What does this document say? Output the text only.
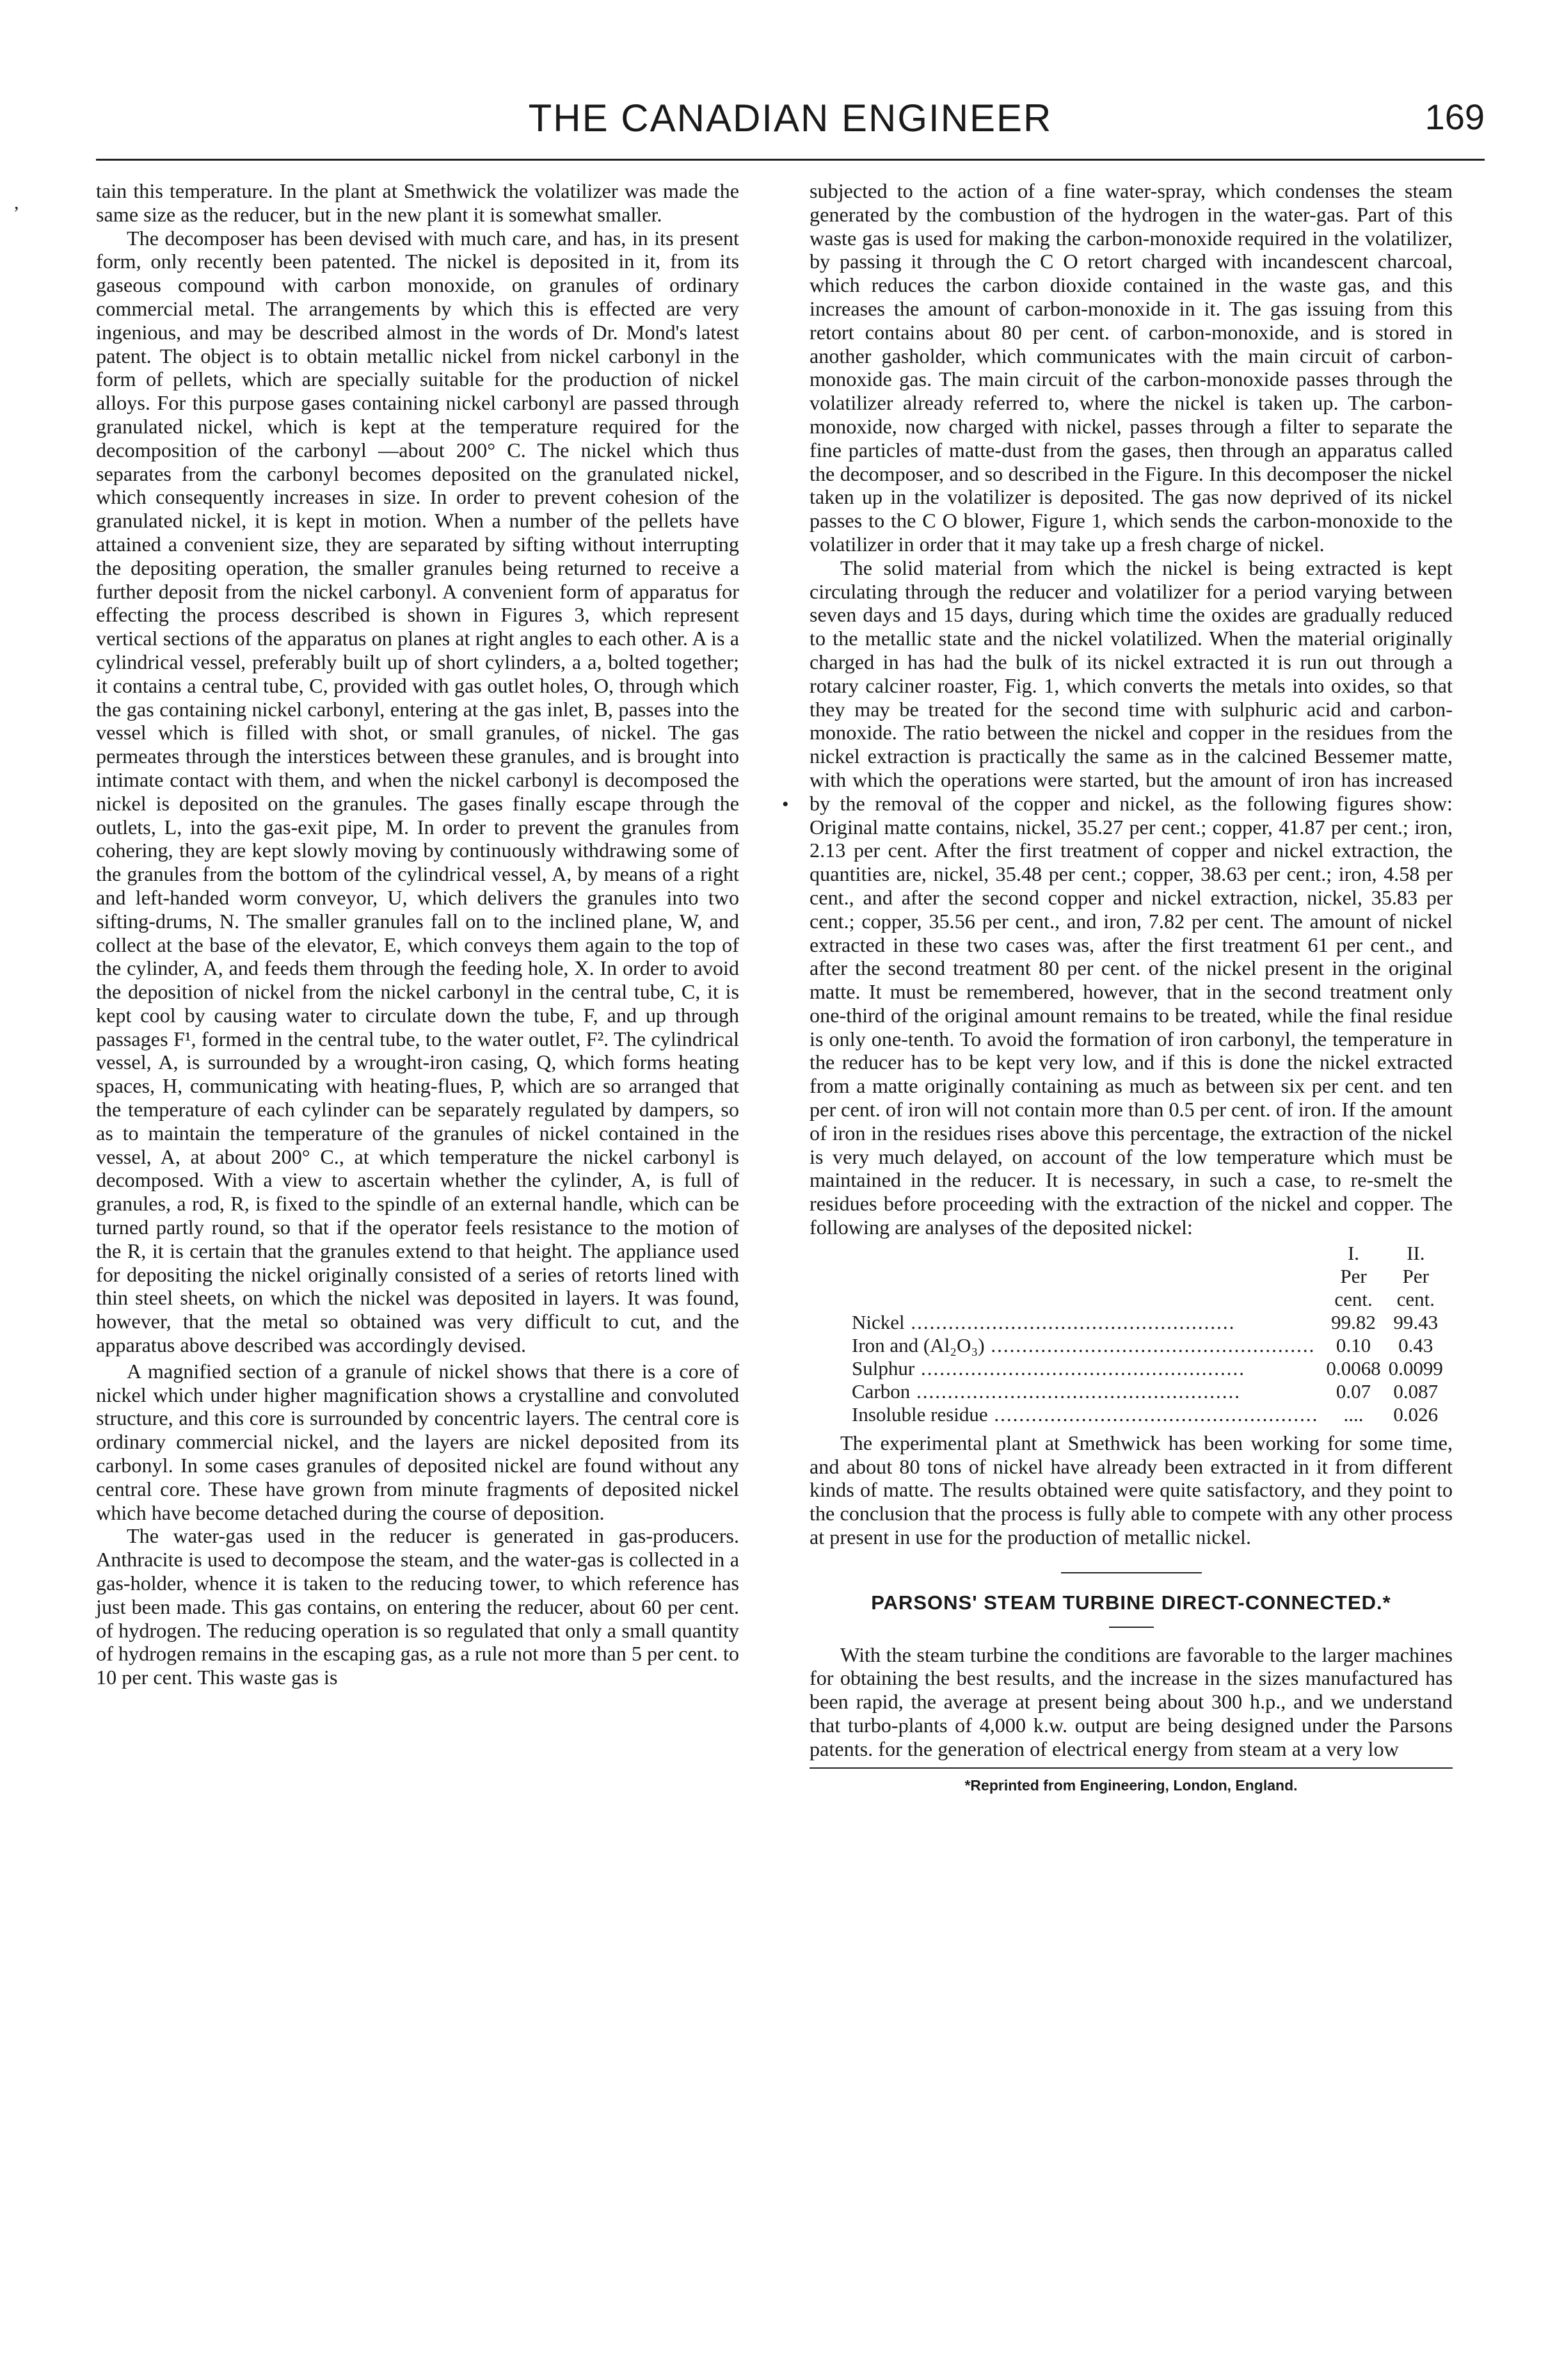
THE CANADIAN ENGINEER	169
,
•

tain this temperature. In the plant at Smethwick the volatilizer was made the same size as the reducer, but in the new plant it is somewhat smaller.

The decomposer has been devised with much care, and has, in its present form, only recently been patented. The nickel is deposited in it, from its gaseous compound with carbon monoxide, on granules of ordinary commercial metal. The arrangements by which this is effected are very ingenious, and may be described almost in the words of Dr. Mond's latest patent. The object is to obtain metallic nickel from nickel carbonyl in the form of pellets, which are specially suitable for the production of nickel alloys. For this purpose gases containing nickel carbonyl are passed through granulated nickel, which is kept at the temperature required for the decomposition of the carbonyl —about 200° C. The nickel which thus separates from the carbonyl becomes deposited on the granulated nickel, which consequently increases in size. In order to prevent cohesion of the granulated nickel, it is kept in motion. When a number of the pellets have attained a convenient size, they are separated by sifting without interrupting the depositing operation, the smaller granules being returned to receive a further deposit from the nickel carbonyl. A convenient form of apparatus for effecting the process described is shown in Figures 3, which represent vertical sections of the apparatus on planes at right angles to each other. A is a cylindrical vessel, preferably built up of short cylinders, a a, bolted together; it contains a central tube, C, provided with gas outlet holes, O, through which the gas containing nickel carbonyl, entering at the gas inlet, B, passes into the vessel which is filled with shot, or small granules, of nickel. The gas permeates through the interstices between these granules, and is brought into intimate contact with them, and when the nickel carbonyl is decomposed the nickel is deposited on the granules. The gases finally escape through the outlets, L, into the gas-exit pipe, M. In order to prevent the granules from cohering, they are kept slowly moving by continuously withdrawing some of the granules from the bottom of the cylindrical vessel, A, by means of a right and left-handed worm conveyor, U, which delivers the granules into two sifting-drums, N. The smaller granules fall on to the inclined plane, W, and collect at the base of the elevator, E, which conveys them again to the top of the cylinder, A, and feeds them through the feeding hole, X. In order to avoid the deposition of nickel from the nickel carbonyl in the central tube, C, it is kept cool by causing water to circulate down the tube, F, and up through passages F¹, formed in the central tube, to the water outlet, F². The cylindrical vessel, A, is surrounded by a wrought-iron casing, Q, which forms heating spaces, H, communicating with heating-flues, P, which are so arranged that the temperature of each cylinder can be separately regulated by dampers, so as to maintain the temperature of the granules of nickel contained in the vessel, A, at about 200° C., at which temperature the nickel carbonyl is decomposed. With a view to ascertain whether the cylinder, A, is full of granules, a rod, R, is fixed to the spindle of an external handle, which can be turned partly round, so that if the operator feels resistance to the motion of the R, it is certain that the granules extend to that height. The appliance used for depositing the nickel originally consisted of a series of retorts lined with thin steel sheets, on which the nickel was deposited in layers. It was found, however, that the metal so obtained was very difficult to cut, and the apparatus above described was accordingly devised.

A magnified section of a granule of nickel shows that there is a core of nickel which under higher magnification shows a crystalline and convoluted structure, and this core is surrounded by concentric layers. The central core is ordinary commercial nickel, and the layers are nickel deposited from its carbonyl. In some cases granules of deposited nickel are found without any central core. These have grown from minute fragments of deposited nickel which have become detached during the course of deposition.

The water-gas used in the reducer is generated in gas-producers. Anthracite is used to decompose the steam, and the water-gas is collected in a gas-holder, whence it is taken to the reducing tower, to which reference has just been made. This gas contains, on entering the reducer, about 60 per cent. of hydrogen. The reducing operation is so regulated that only a small quantity of hydrogen remains in the escaping gas, as a rule not more than 5 per cent. to 10 per cent. This waste gas is

subjected to the action of a fine water-spray, which condenses the steam generated by the combustion of the hydrogen in the water-gas. Part of this waste gas is used for making the carbon-monoxide required in the volatilizer, by passing it through the C O retort charged with incandescent charcoal, which reduces the carbon dioxide contained in the waste gas, and this increases the amount of carbon-monoxide in it. The gas issuing from this retort contains about 80 per cent. of carbon-monoxide, and is stored in another gasholder, which communicates with the main circuit of carbon-monoxide gas. The main circuit of the carbon-monoxide passes through the volatilizer already referred to, where the nickel is taken up. The carbon-monoxide, now charged with nickel, passes through a filter to separate the fine particles of matte-dust from the gases, then through an apparatus called the decomposer, and so described in the Figure. In this decomposer the nickel taken up in the volatilizer is deposited. The gas now deprived of its nickel passes to the C O blower, Figure 1, which sends the carbon-monoxide to the volatilizer in order that it may take up a fresh charge of nickel.

The solid material from which the nickel is being extracted is kept circulating through the reducer and volatilizer for a period varying between seven days and 15 days, during which time the oxides are gradually reduced to the metallic state and the nickel volatilized. When the material originally charged in has had the bulk of its nickel extracted it is run out through a rotary calciner roaster, Fig. 1, which converts the metals into oxides, so that they may be treated for the second time with sulphuric acid and carbon-monoxide. The ratio between the nickel and copper in the residues from the nickel extraction is practically the same as in the calcined Bessemer matte, with which the operations were started, but the amount of iron has increased by the removal of the copper and nickel, as the following figures show: Original matte contains, nickel, 35.27 per cent.; copper, 41.87 per cent.; iron, 2.13 per cent. After the first treatment of copper and nickel extraction, the quantities are, nickel, 35.48 per cent.; copper, 38.63 per cent.; iron, 4.58 per cent., and after the second copper and nickel extraction, nickel, 35.83 per cent.; copper, 35.56 per cent., and iron, 7.82 per cent. The amount of nickel extracted in these two cases was, after the first treatment 61 per cent., and after the second treatment 80 per cent. of the nickel present in the original matte. It must be remembered, however, that in the second treatment only one-third of the original amount remains to be treated, while the final residue is only one-tenth. To avoid the formation of iron carbonyl, the temperature in the reducer has to be kept very low, and if this is done the nickel extracted from a matte originally containing as much as between six per cent. and ten per cent. of iron will not contain more than 0.5 per cent. of iron. If the amount of iron in the residues rises above this percentage, the extraction of the nickel is very much delayed, on account of the low temperature which must be maintained in the reducer. It is necessary, in such a case, to re-smelt the residues before proceeding with the extraction of the nickel and copper. The following are analyses of the deposited nickel:

	I.	II.
	Per cent.	Per cent.

Nickel .....	99.82	99.43

Iron and (Al₂O₃) .....	0.10	0.43

Sulphur .....	0.0068	0.0099

Carbon .....	0.07	0.087

Insoluble residue .....	....	0.026

The experimental plant at Smethwick has been working for some time, and about 80 tons of nickel have already been extracted in it from different kinds of matte. The results obtained were quite satisfactory, and they point to the conclusion that the process is fully able to compete with any other process at present in use for the production of metallic nickel.

PARSONS' STEAM TURBINE DIRECT-CONNECTED.*

With the steam turbine the conditions are favorable to the larger machines for obtaining the best results, and the increase in the sizes manufactured has been rapid, the average at present being about 300 h.p., and we understand that turbo-plants of 4,000 k.w. output are being designed under the Parsons patents. for the generation of electrical energy from steam at a very low

*Reprinted from Engineering, London, England.
